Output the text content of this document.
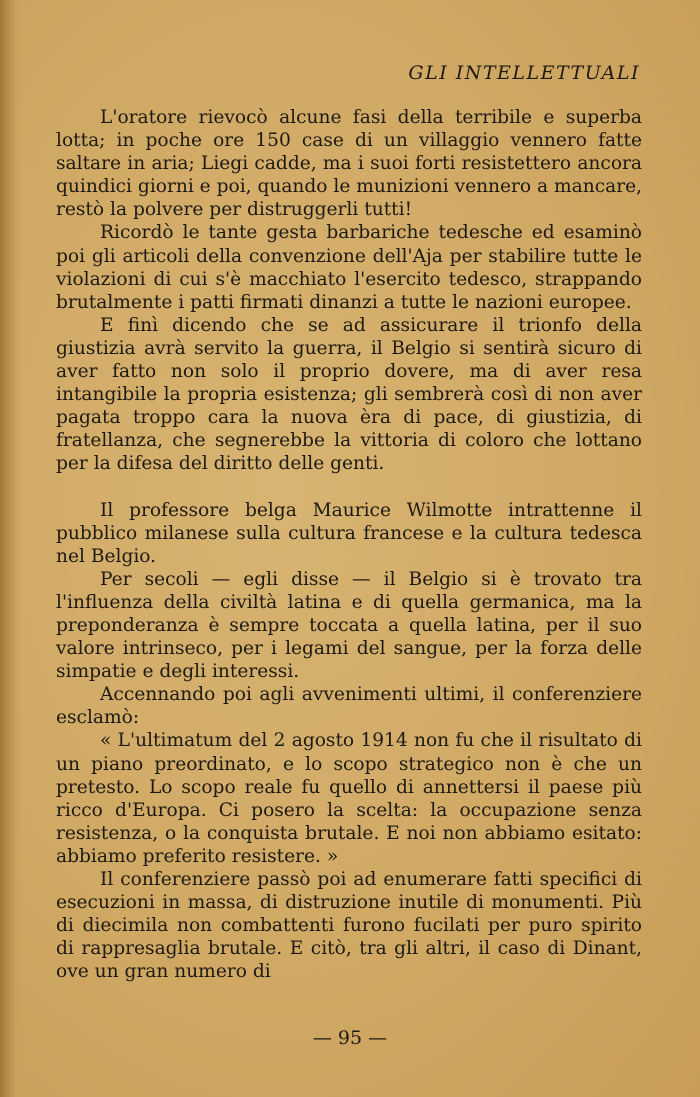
GLI INTELLETTUALI

L'oratore rievocò alcune fasi della terribile e superba lotta; in poche ore 150 case di un villaggio vennero fatte saltare in aria; Liegi cadde, ma i suoi forti resistettero ancora quindici giorni e poi, quando le munizioni vennero a mancare, restò la polvere per distruggerli tutti!

Ricordò le tante gesta barbariche tedesche ed esaminò poi gli articoli della convenzione dell'Aja per stabilire tutte le violazioni di cui s'è macchiato l'esercito tedesco, strappando brutalmente i patti firmati dinanzi a tutte le nazioni europee.

E finì dicendo che se ad assicurare il trionfo della giustizia avrà servito la guerra, il Belgio si sentirà sicuro di aver fatto non solo il proprio dovere, ma di aver resa intangibile la propria esistenza; gli sembrerà così di non aver pagata troppo cara la nuova èra di pace, di giustizia, di fratellanza, che segnerebbe la vittoria di coloro che lottano per la difesa del diritto delle genti.

Il professore belga Maurice Wilmotte intrattenne il pubblico milanese sulla cultura francese e la cultura tedesca nel Belgio.

Per secoli — egli disse — il Belgio si è trovato tra l'influenza della civiltà latina e di quella germanica, ma la preponderanza è sempre toccata a quella latina, per il suo valore intrinseco, per i legami del sangue, per la forza delle simpatie e degli interessi.

Accennando poi agli avvenimenti ultimi, il conferenziere esclamò:

« L'ultimatum del 2 agosto 1914 non fu che il risultato di un piano preordinato, e lo scopo strategico non è che un pretesto. Lo scopo reale fu quello di annettersi il paese più ricco d'Europa. Ci posero la scelta: la occupazione senza resistenza, o la conquista brutale. E noi non abbiamo esitato: abbiamo preferito resistere. »

Il conferenziere passò poi ad enumerare fatti specifici di esecuzioni in massa, di distruzione inutile di monumenti. Più di diecimila non combattenti furono fucilati per puro spirito di rappresaglia brutale. E citò, tra gli altri, il caso di Dinant, ove un gran numero di

— 95 —
